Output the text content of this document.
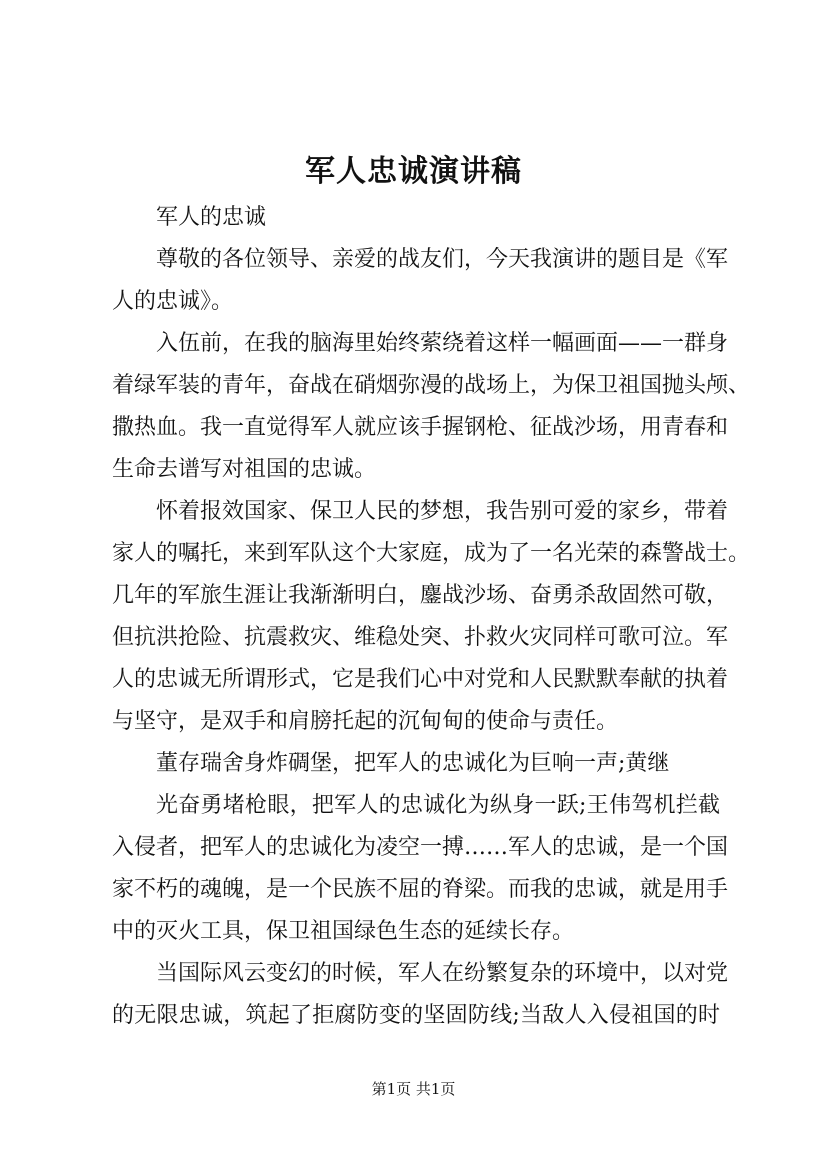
军人忠诚演讲稿
军人的忠诚
尊敬的各位领导、亲爱的战友们，今天我演讲的题目是《军
人的忠诚》。
入伍前，在我的脑海里始终萦绕着这样一幅画面——一群身
着绿军装的青年，奋战在硝烟弥漫的战场上，为保卫祖国抛头颅、
撒热血。我一直觉得军人就应该手握钢枪、征战沙场，用青春和
生命去谱写对祖国的忠诚。
怀着报效国家、保卫人民的梦想，我告别可爱的家乡，带着
家人的嘱托，来到军队这个大家庭，成为了一名光荣的森警战士。
几年的军旅生涯让我渐渐明白，鏖战沙场、奋勇杀敌固然可敬，
但抗洪抢险、抗震救灾、维稳处突、扑救火灾同样可歌可泣。军
人的忠诚无所谓形式，它是我们心中对党和人民默默奉献的执着
与坚守，是双手和肩膀托起的沉甸甸的使命与责任。
董存瑞舍身炸碉堡，把军人的忠诚化为巨响一声;黄继
光奋勇堵枪眼，把军人的忠诚化为纵身一跃;王伟驾机拦截
入侵者，把军人的忠诚化为凌空一搏……军人的忠诚，是一个国
家不朽的魂魄，是一个民族不屈的脊梁。而我的忠诚，就是用手
中的灭火工具，保卫祖国绿色生态的延续长存。
当国际风云变幻的时候，军人在纷繁复杂的环境中，以对党
的无限忠诚，筑起了拒腐防变的坚固防线;当敌人入侵祖国的时
第1页 共1页
